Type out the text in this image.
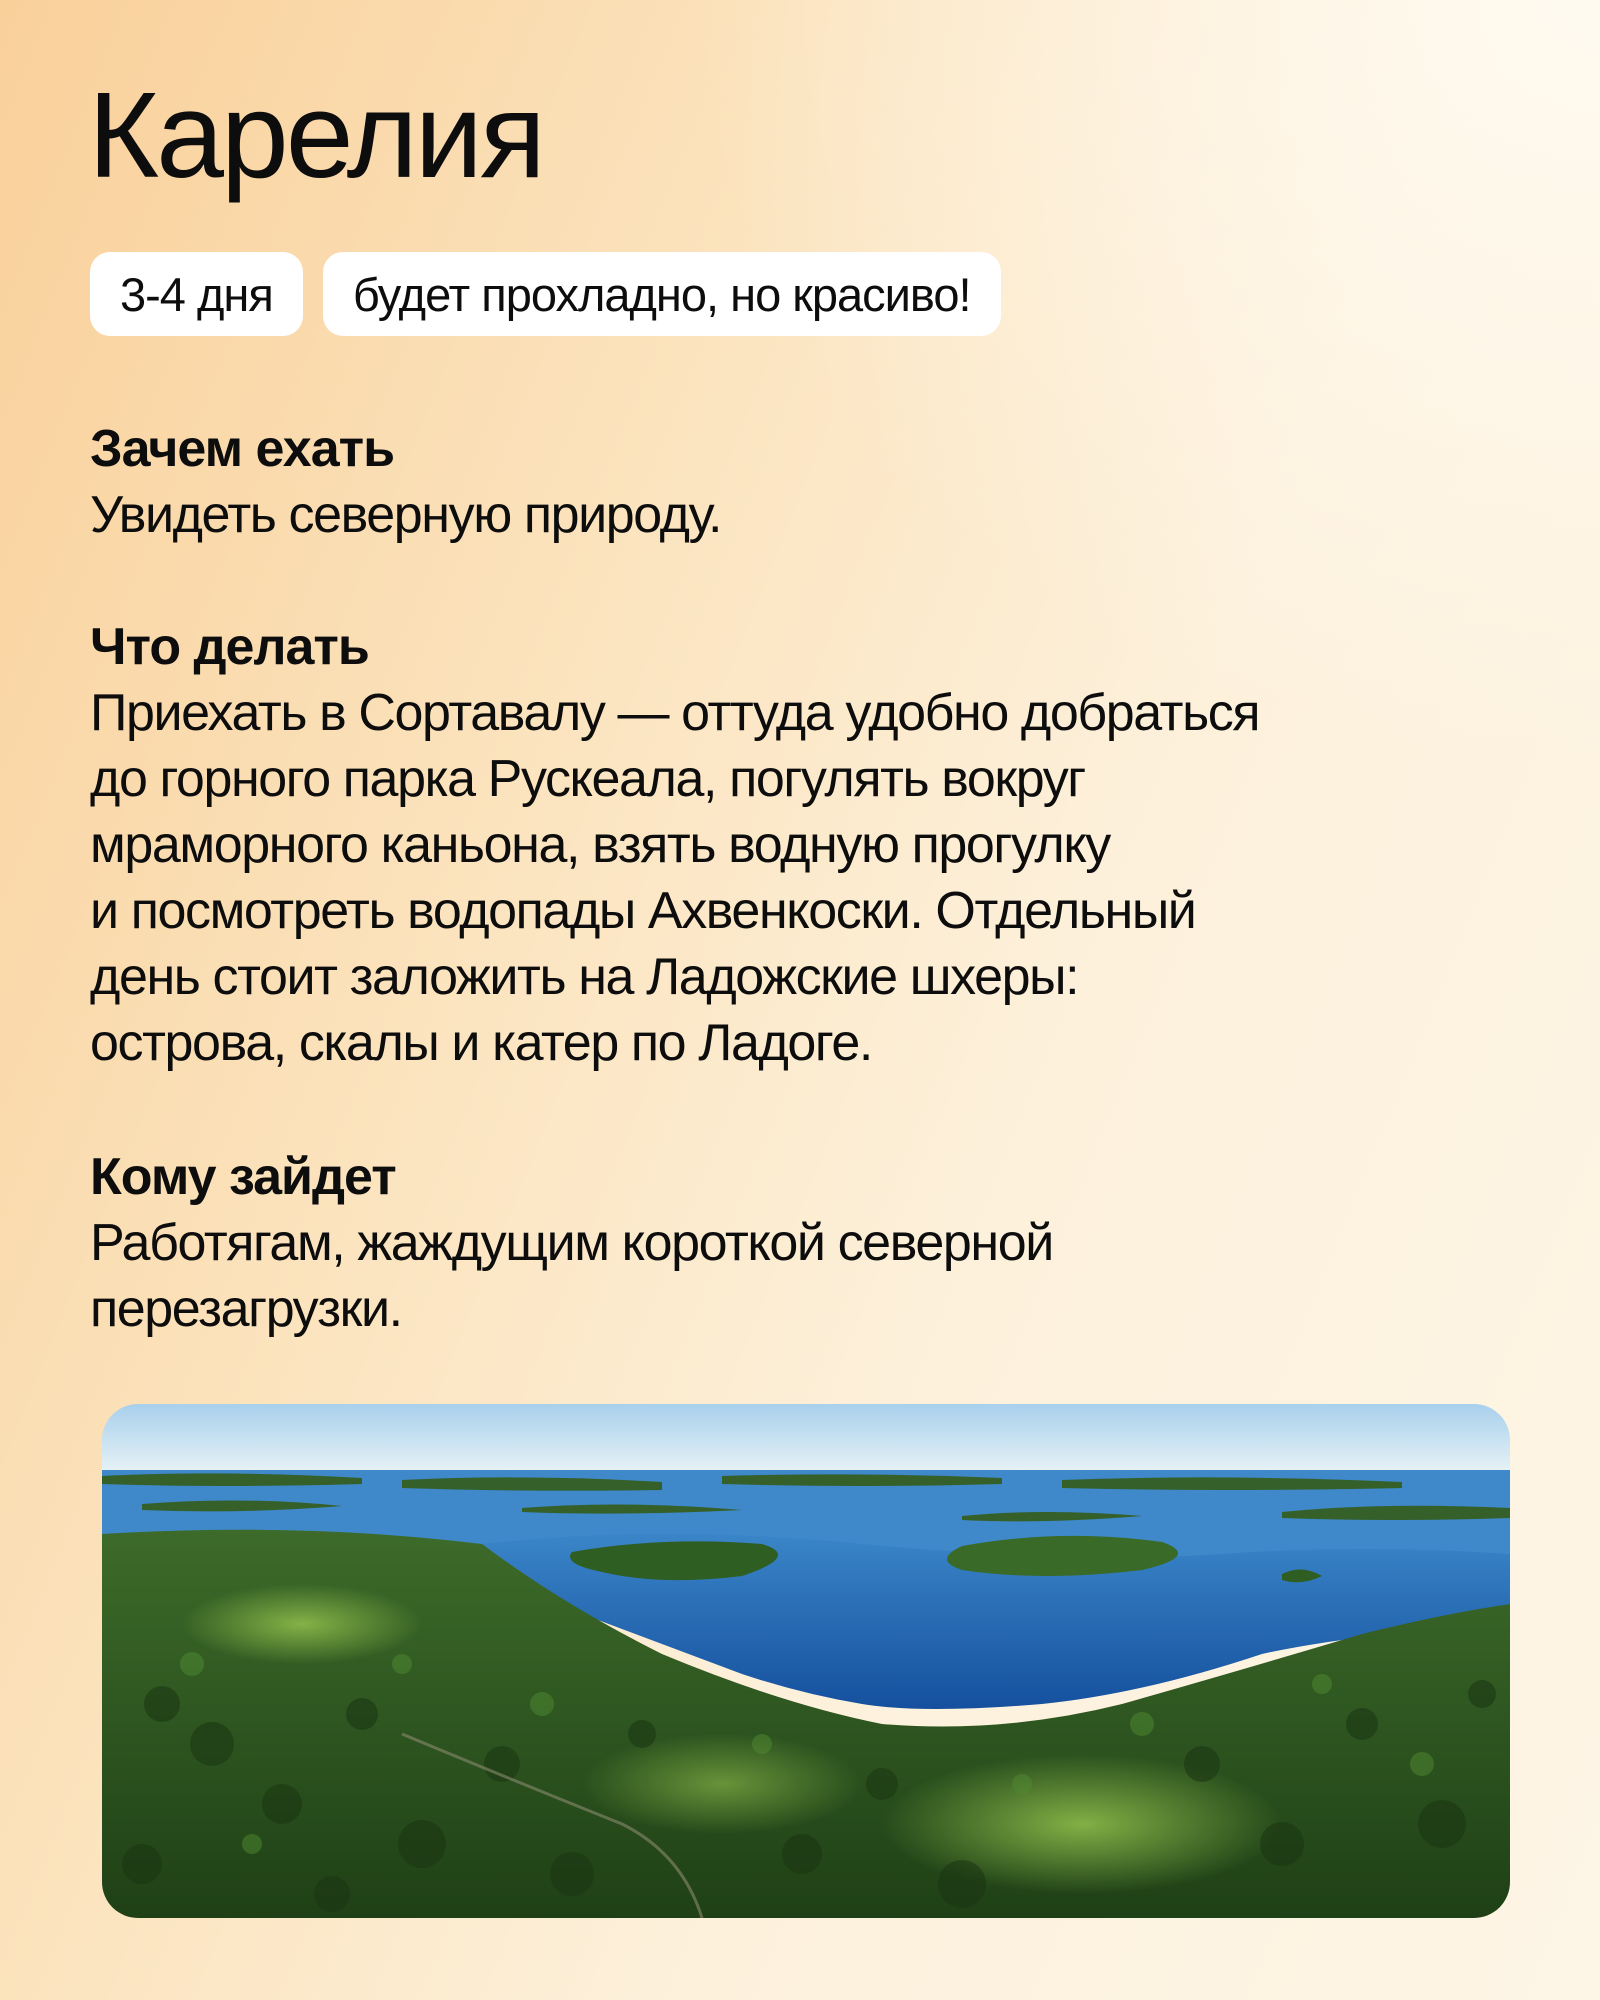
Карелия
3-4 дня	будет прохладно, но красиво!
Зачем ехать
Увидеть северную природу.
Что делать
Приехать в Сортавалу — оттуда удобно добраться
до горного парка Рускеала, погулять вокруг
мраморного каньона, взять водную прогулку
и посмотреть водопады Ахвенкоски. Отдельный
день стоит заложить на Ладожские шхеры:
острова, скалы и катер по Ладоге.
Кому зайдет
Работягам, жаждущим короткой северной
перезагрузки.
